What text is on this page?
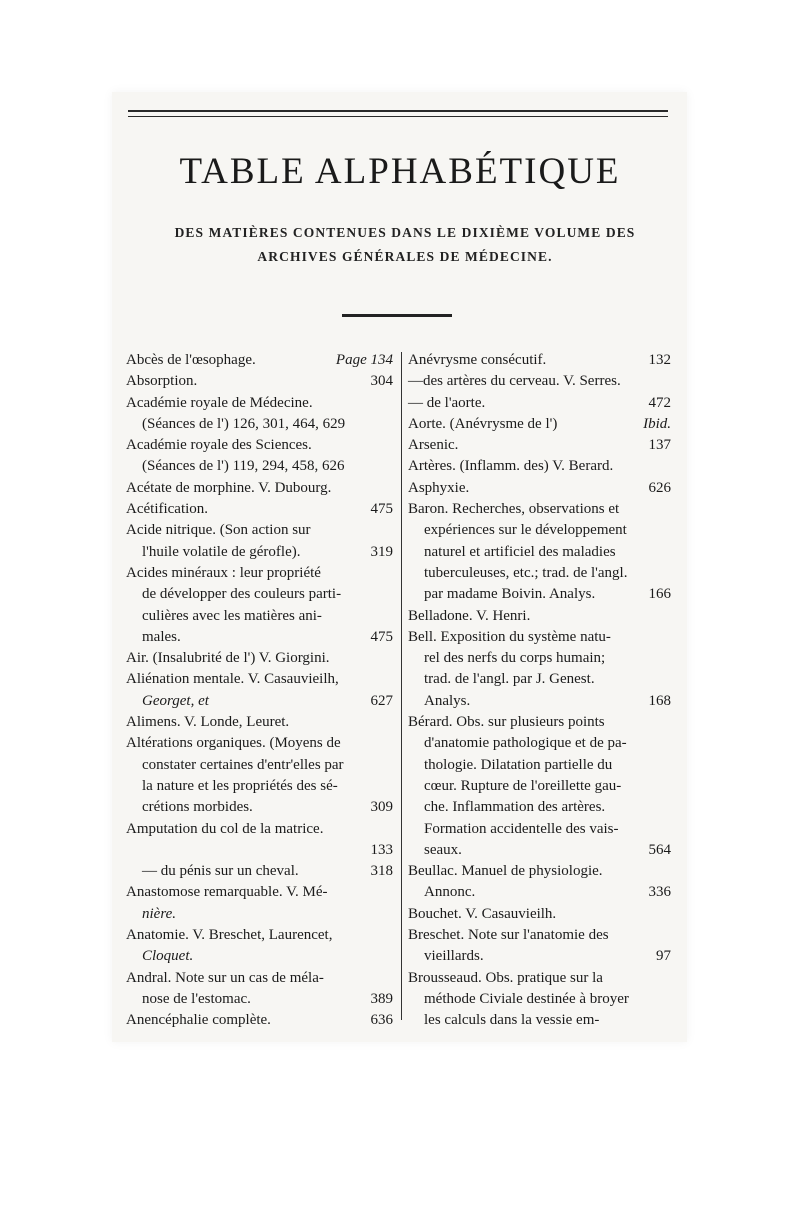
TABLE ALPHABÉTIQUE
DES MATIÈRES CONTENUES DANS LE DIXIÈME VOLUME DES
ARCHIVES GÉNÉRALES DE MÉDECINE.
Abcès de l'œsophage.	Page 134
Absorption.	304
Académie royale de Médecine.
(Séances de l') 126, 301, 464, 629
Académie royale des Sciences.
(Séances de l') 119, 294, 458, 626
Acétate de morphine. V. Dubourg.
Acétification.	475
Acide nitrique. (Son action sur
l'huile volatile de gérofle).	319
Acides minéraux : leur propriété
de développer des couleurs parti-
culières avec les matières ani-
males.	475
Air. (Insalubrité de l') V. Giorgini.
Aliénation mentale. V. Casauvieilh,
Georget, et	627
Alimens. V. Londe, Leuret.
Altérations organiques. (Moyens de
constater certaines d'entr'elles par
la nature et les propriétés des sé-
crétions morbides.	309
Amputation du col de la matrice.
133
— du pénis sur un cheval.	318
Anastomose remarquable. V. Mé-
nière.
Anatomie. V. Breschet, Laurencet,
Cloquet.
Andral. Note sur un cas de méla-
nose de l'estomac.	389
Anencéphalie complète.	636
Anévrysme consécutif.	132
—des artères du cerveau. V. Serres.
— de l'aorte.	472
Aorte. (Anévrysme de l')	Ibid.
Arsenic.	137
Artères. (Inflamm. des) V. Berard.
Asphyxie.	626
Baron. Recherches, observations et
expériences sur le développement
naturel et artificiel des maladies
tuberculeuses, etc.; trad. de l'angl.
par madame Boivin. Analys.	166
Belladone. V. Henri.
Bell. Exposition du système natu-
rel des nerfs du corps humain;
trad. de l'angl. par J. Genest.
Analys.	168
Bérard. Obs. sur plusieurs points
d'anatomie pathologique et de pa-
thologie. Dilatation partielle du
cœur. Rupture de l'oreillette gau-
che. Inflammation des artères.
Formation accidentelle des vais-
seaux.	564
Beullac. Manuel de physiologie.
Annonc.	336
Bouchet. V. Casauvieilh.
Breschet. Note sur l'anatomie des
vieillards.	97
Brousseaud. Obs. pratique sur la
méthode Civiale destinée à broyer
les calculs dans la vessie em-
